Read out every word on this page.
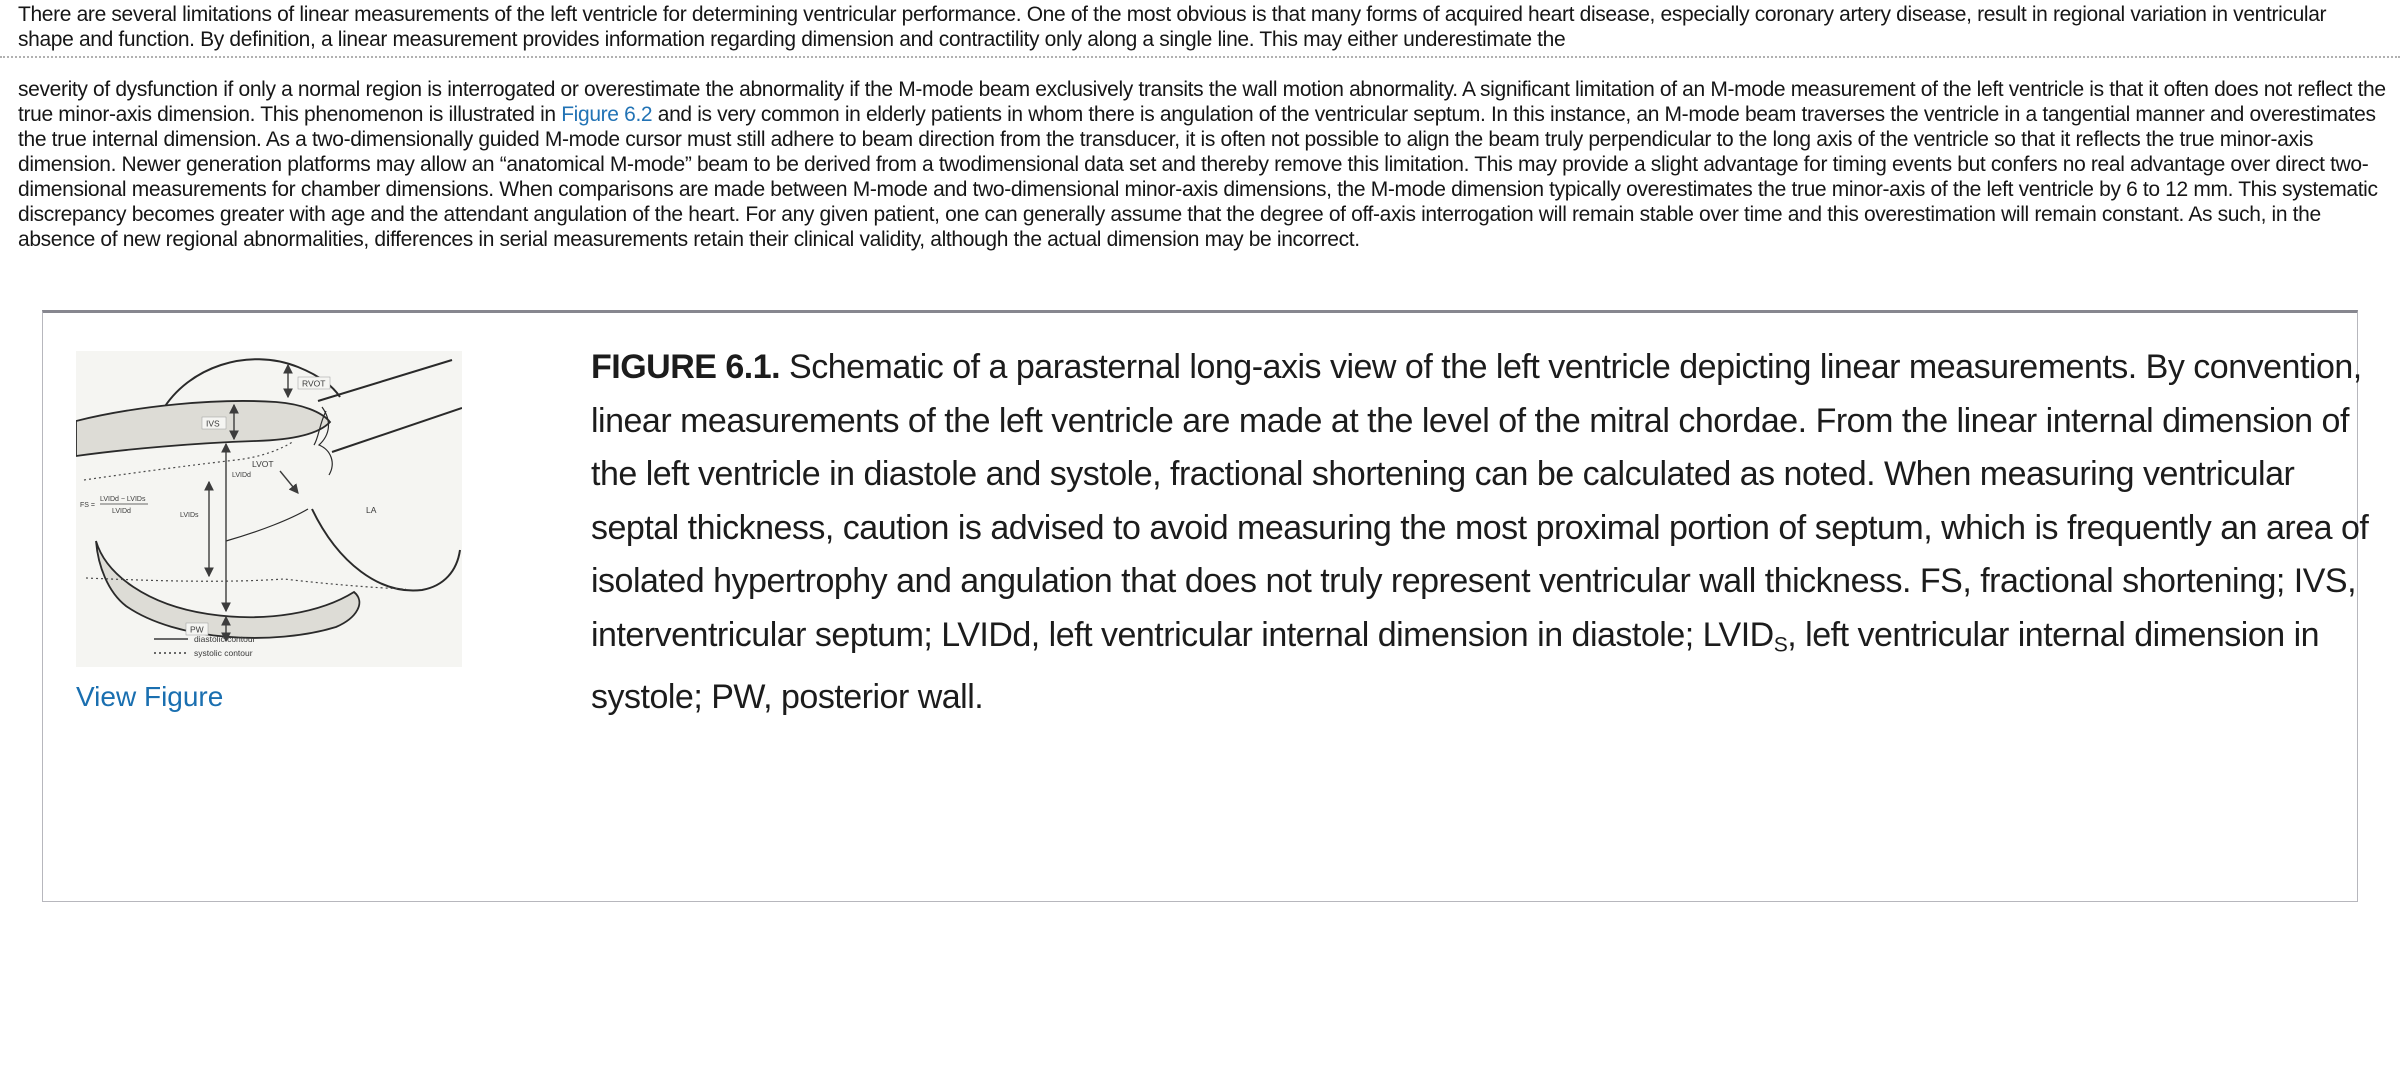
There are several limitations of linear measurements of the left ventricle for determining ventricular performance. One of the most obvious is that many forms of acquired heart disease, especially coronary artery disease, result in regional variation in ventricular shape and function. By definition, a linear measurement provides information regarding dimension and contractility only along a single line. This may either underestimate the

severity of dysfunction if only a normal region is interrogated or overestimate the abnormality if the M-mode beam exclusively transits the wall motion abnormality. A significant limitation of an M-mode measurement of the left ventricle is that it often does not reflect the true minor-axis dimension. This phenomenon is illustrated in Figure 6.2 and is very common in elderly patients in whom there is angulation of the ventricular septum. In this instance, an M-mode beam traverses the ventricle in a tangential manner and overestimates the true internal dimension. As a two-dimensionally guided M-mode cursor must still adhere to beam direction from the transducer, it is often not possible to align the beam truly perpendicular to the long axis of the ventricle so that it reflects the true minor-axis dimension. Newer generation platforms may allow an “anatomical M-mode” beam to be derived from a twodimensional data set and thereby remove this limitation. This may provide a slight advantage for timing events but confers no real advantage over direct two-dimensional measurements for chamber dimensions. When comparisons are made between M-mode and two-dimensional minor-axis dimensions, the M-mode dimension typically overestimates the true minor-axis of the left ventricle by 6 to 12 mm. This systematic discrepancy becomes greater with age and the attendant angulation of the heart. For any given patient, one can generally assume that the degree of off-axis interrogation will remain stable over time and this overestimation will remain constant. As such, in the absence of new regional abnormalities, differences in serial measurements retain their clinical validity, although the actual dimension may be incorrect.

RVOT
IVS
LVOT
LVIDd
LVIDs
FS =
LVIDd − LVIDs
LVIDd	LA
PW
diastolic contour
systolic contour
View Figure
FIGURE 6.1. Schematic of a parasternal long-axis view of the left ventricle depicting linear measurements. By convention, linear measurements of the left ventricle are made at the level of the mitral chordae. From the linear internal dimension of the left ventricle in diastole and systole, fractional shortening can be calculated as noted. When measuring ventricular septal thickness, caution is advised to avoid measuring the most proximal portion of septum, which is frequently an area of isolated hypertrophy and angulation that does not truly represent ventricular wall thickness. FS, fractional shortening; IVS, interventricular septum; LVIDd, left ventricular internal dimension in diastole; $LVID_S$, left ventricular internal dimension in systole; PW, posterior wall.
